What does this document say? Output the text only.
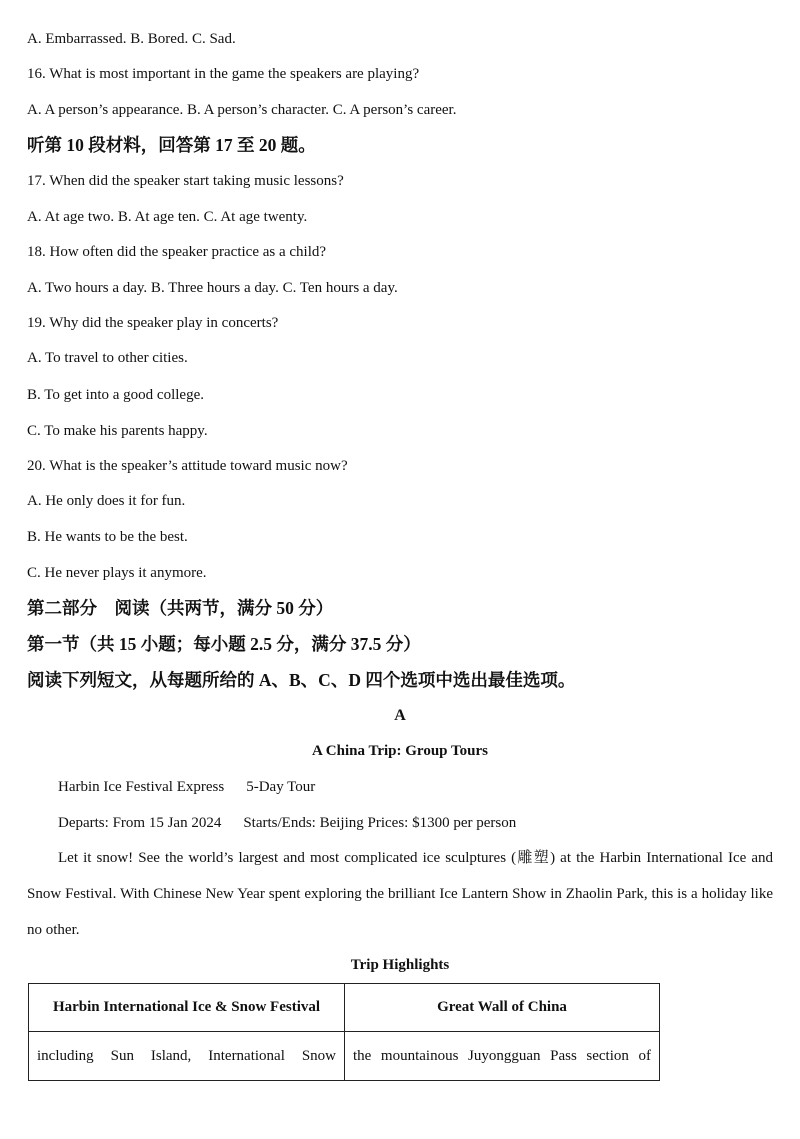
A. Embarrassed. B. Bored. C. Sad.
16. What is most important in the game the speakers are playing?
A. A person’s appearance. B. A person’s character. C. A person’s career.
听第 10 段材料，回答第 17 至 20 题。
17. When did the speaker start taking music lessons?
A. At age two. B. At age ten. C. At age twenty.
18. How often did the speaker practice as a child?
A. Two hours a day. B. Three hours a day. C. Ten hours a day.
19. Why did the speaker play in concerts?
A. To travel to other cities.
B. To get into a good college.
C. To make his parents happy.
20. What is the speaker’s attitude toward music now?
A. He only does it for fun.
B. He wants to be the best.
C. He never plays it anymore.
第二部分　阅读（共两节，满分 50 分）
第一节（共 15 小题；每小题 2.5 分，满分 37.5 分）
阅读下列短文，从每题所给的 A、B、C、D 四个选项中选出最佳选项。
A
A China Trip: Group Tours
Harbin Ice Festival Express 5-Day Tour
Departs: From 15 Jan 2024 Starts/Ends: Beijing Prices: $1300 per person
Let it snow! See the world’s largest and most complicated ice sculptures (雕塑) at the Harbin International Ice and Snow Festival. With Chinese New Year spent exploring the brilliant Ice Lantern Show in Zhaolin Park, this is a holiday like no other.
Trip Highlights
Harbin International Ice & Snow Festival	Great Wall of China
including Sun Island, International Snow	the mountainous Juyongguan Pass section of
